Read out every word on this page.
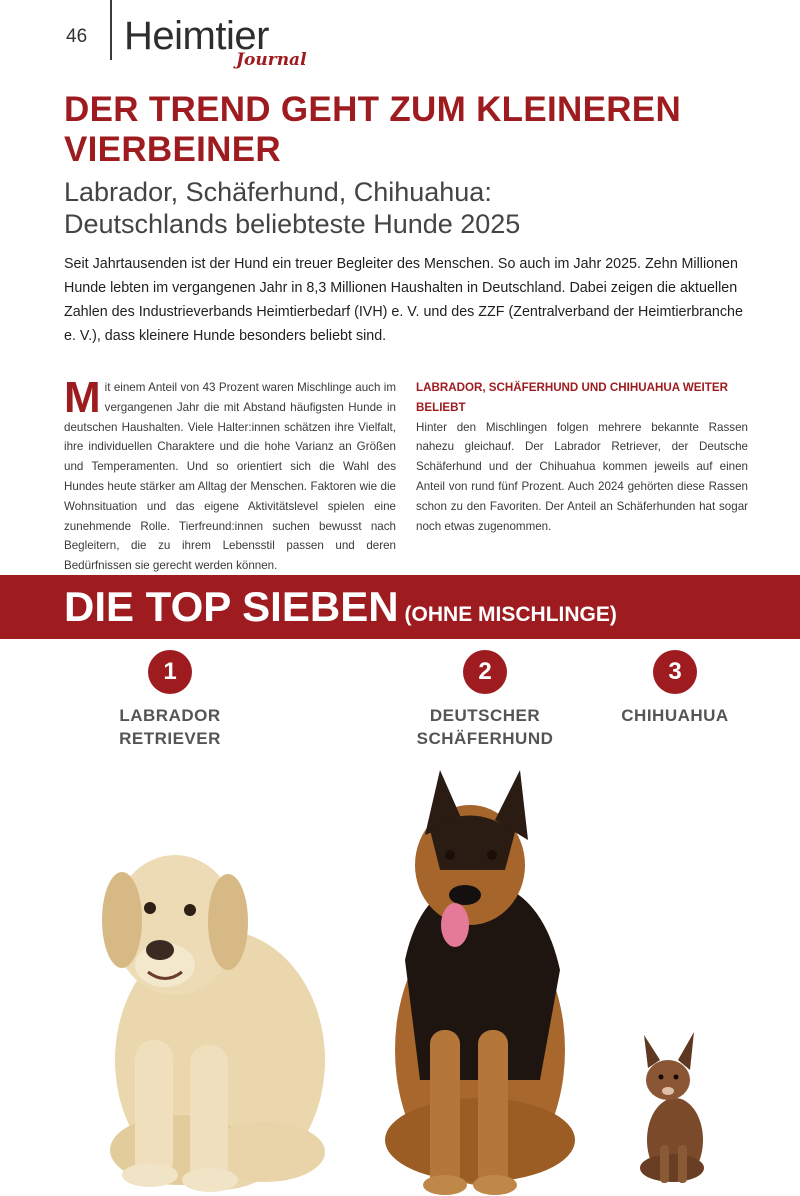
46 Heimtier
Journal
DER TREND GEHT ZUM KLEINEREN VIERBEINER
Labrador, Schäferhund, Chihuahua:
Deutschlands beliebteste Hunde 2025

Seit Jahrtausenden ist der Hund ein treuer Begleiter des Menschen. So auch im Jahr 2025. Zehn Millionen Hunde lebten im vergangenen Jahr in 8,3 Millionen Haushalten in Deutschland. Dabei zeigen die aktuellen Zahlen des Industrieverbands Heimtierbedarf (IVH) e. V. und des ZZF (Zentralverband der Heimtierbranche e. V.), dass kleinere Hunde besonders beliebt sind.

Mit einem Anteil von 43 Prozent waren Mischlinge auch im vergangenen Jahr die mit Abstand häufigsten Hunde in deutschen Haushalten. Viele Halter:innen schätzen ihre Vielfalt, ihre individuellen Charaktere und die hohe Varianz an Größen und Temperamenten. Und so orientiert sich die Wahl des Hundes heute stärker am Alltag der Menschen. Faktoren wie die Wohnsituation und das eigene Aktivitätslevel spielen eine zunehmende Rolle. Tierfreund:innen suchen bewusst nach Begleitern, die zu ihrem Lebensstil passen und deren Bedürfnissen sie gerecht werden können.
LABRADOR, SCHÄFERHUND UND CHIHUAHUA WEITER BELIEBT

Hinter den Mischlingen folgen mehrere bekannte Rassen nahezu gleichauf. Der Labrador Retriever, der Deutsche Schäferhund und der Chihuahua kommen jeweils auf einen Anteil von rund fünf Prozent. Auch 2024 gehörten diese Rassen schon zu den Favoriten. Der Anteil an Schäferhunden hat sogar noch etwas zugenommen.

DIE TOP SIEBEN (OHNE MISCHLINGE)
1
LABRADOR
RETRIEVER
2
DEUTSCHER
SCHÄFERHUND
3
CHIHUAHUA
